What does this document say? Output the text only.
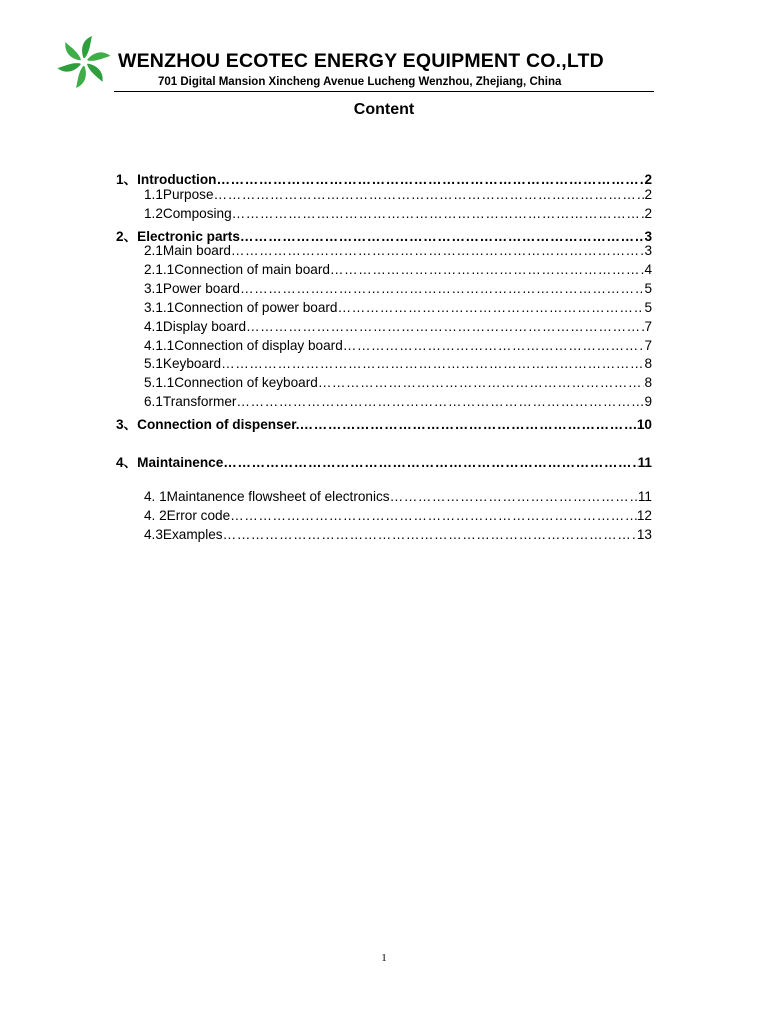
WENZHOU ECOTEC ENERGY EQUIPMENT CO.,LTD
701 Digital Mansion Xincheng Avenue Lucheng Wenzhou, Zhejiang, China
Content
1、Introduction ……………………………………………………………………………………………………………………………………………………………	2
1.1Purpose ……………………………………………………………………………………………………………………………………………………………	2
1.2Composing ……………………………………………………………………………………………………………………………………………………………	2
2、Electronic parts ……………………………………………………………………………………………………………………………………………………………	3
2.1Main board ……………………………………………………………………………………………………………………………………………………………	3
2.1.1Connection of main board ……………………………………………………………………………………………………………………………………………………………	4
3.1Power board ……………………………………………………………………………………………………………………………………………………………	5
3.1.1Connection of power board ……………………………………………………………………………………………………………………………………………………………	5
4.1Display board ……………………………………………………………………………………………………………………………………………………………	7
4.1.1Connection of display board ……………………………………………………………………………………………………………………………………………………………	7
5.1Keyboard ……………………………………………………………………………………………………………………………………………………………	8
5.1.1Connection of keyboard ……………………………………………………………………………………………………………………………………………………………	8
6.1Transformer ……………………………………………………………………………………………………………………………………………………………	9
3、Connection of dispenser. ……………………………………………………………………………………………………………………………………………………………	10
4、Maintainence ……………………………………………………………………………………………………………………………………………………………	11
4. 1Maintanence flowsheet of electronics ……………………………………………………………………………………………………………………………………………………………	11
4. 2Error code ……………………………………………………………………………………………………………………………………………………………	12
4.3Examples ……………………………………………………………………………………………………………………………………………………………	13
1
